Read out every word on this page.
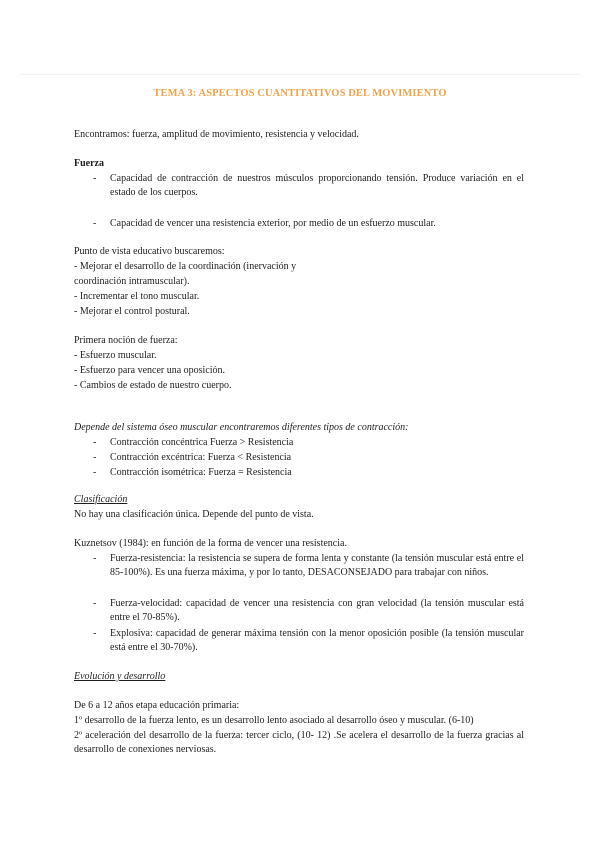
TEMA 3: ASPECTOS CUANTITATIVOS DEL MOVIMIENTO
Encontramos: fuerza, amplitud de movimiento, resistencia y velocidad.
Fuerza
- Capacidad de contracción de nuestros músculos proporcionando tensión. Produce variación en el estado de los cuerpos.
- Capacidad de vencer una resistencia exterior, por medio de un esfuerzo muscular.
Punto de vista educativo buscaremos:
- Mejorar el desarrollo de la coordinación (inervación y
coordinación intramuscular).
- Incrementar el tono muscular.
- Mejorar el control postural.
Primera noción de fuerza:
- Esfuerzo muscular.
- Esfuerzo para vencer una oposición.
- Cambios de estado de nuestro cuerpo.
Depende del sistema óseo muscular encontraremos diferentes tipos de contracción:
- Contracción concéntrica Fuerza > Resistencia
- Contracción excéntrica: Fuerza < Resistencia
- Contracción isométrica: Fuerza = Resistencia
Clasificación
No hay una clasificación única. Depende del punto de vista.
Kuznetsov (1984): en función de la forma de vencer una resistencia.
- Fuerza-resistencia: la resistencia se supera de forma lenta y constante (la tensión muscular está entre el 85-100%). Es una fuerza máxima, y por lo tanto, DESACONSEJADO para trabajar con niños.
- Fuerza-velocidad: capacidad de vencer una resistencia con gran velocidad (la tensión muscular está entre el 70-85%).
- Explosiva: capacidad de generar máxima tensión con la menor oposición posible (la tensión muscular está entre el 30-70%).
Evolución y desarrollo
De 6 a 12 años etapa educación primaria:
1º desarrollo de la fuerza lento, es un desarrollo lento asociado al desarrollo óseo y muscular. (6-10)
2º aceleración del desarrollo de la fuerza: tercer ciclo, (10- 12) .Se acelera el desarrollo de la fuerza gracias al desarrollo de conexiones nerviosas.
